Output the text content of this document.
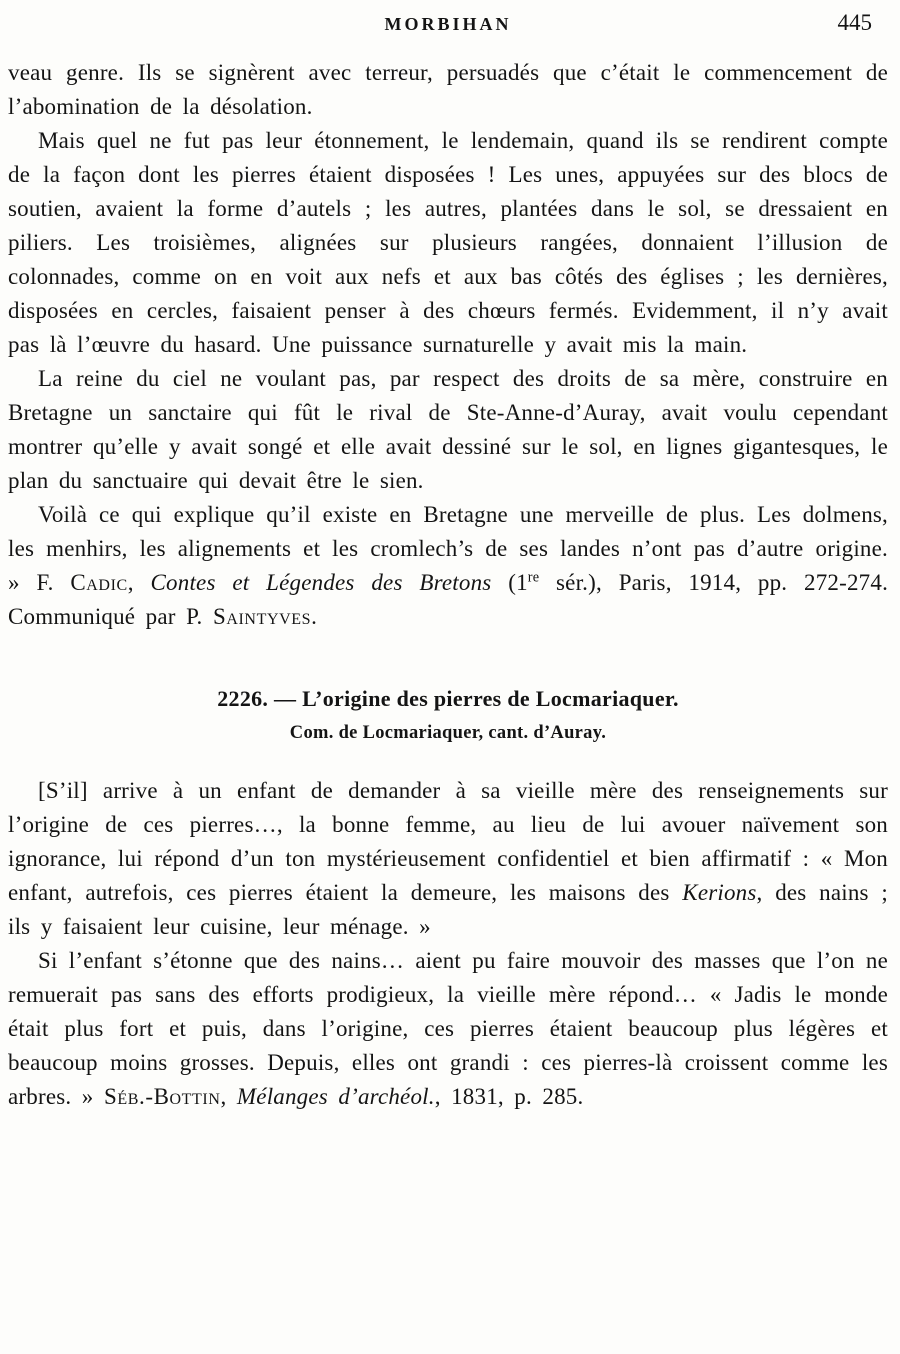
MORBIHAN	445

veau genre. Ils se signèrent avec terreur, persuadés que c’était le commencement de l’abomination de la désolation.

Mais quel ne fut pas leur étonnement, le lendemain, quand ils se rendirent compte de la façon dont les pierres étaient disposées ! Les unes, appuyées sur des blocs de soutien, avaient la forme d’autels ; les autres, plantées dans le sol, se dressaient en piliers. Les troisièmes, alignées sur plusieurs rangées, donnaient l’illusion de colonnades, comme on en voit aux nefs et aux bas côtés des églises ; les dernières, disposées en cercles, faisaient penser à des chœurs fermés. Evidemment, il n’y avait pas là l’œuvre du hasard. Une puissance surnaturelle y avait mis la main.

La reine du ciel ne voulant pas, par respect des droits de sa mère, construire en Bretagne un sanctaire qui fût le rival de Ste-Anne-d’Auray, avait voulu cependant montrer qu’elle y avait songé et elle avait dessiné sur le sol, en lignes gigantesques, le plan du sanctuaire qui devait être le sien.

Voilà ce qui explique qu’il existe en Bretagne une merveille de plus. Les dolmens, les menhirs, les alignements et les cromlech’s de ses landes n’ont pas d’autre origine. » F. Cadic, Contes et Légendes des Bretons (1re sér.), Paris, 1914, pp. 272-274. Communiqué par P. Saintyves.

2226. — L’origine des pierres de Locmariaquer.
Com. de Locmariaquer, cant. d’Auray.

[S’il] arrive à un enfant de demander à sa vieille mère des renseignements sur l’origine de ces pierres…, la bonne femme, au lieu de lui avouer naïvement son ignorance, lui répond d’un ton mystérieusement confidentiel et bien affirmatif : « Mon enfant, autrefois, ces pierres étaient la demeure, les maisons des Kerions, des nains ; ils y faisaient leur cuisine, leur ménage. »

Si l’enfant s’étonne que des nains… aient pu faire mouvoir des masses que l’on ne remuerait pas sans des efforts prodigieux, la vieille mère répond… « Jadis le monde était plus fort et puis, dans l’origine, ces pierres étaient beaucoup plus légères et beaucoup moins grosses. Depuis, elles ont grandi : ces pierres-là croissent comme les arbres. » Séb.-Bottin, Mélanges d’archéol., 1831, p. 285.
